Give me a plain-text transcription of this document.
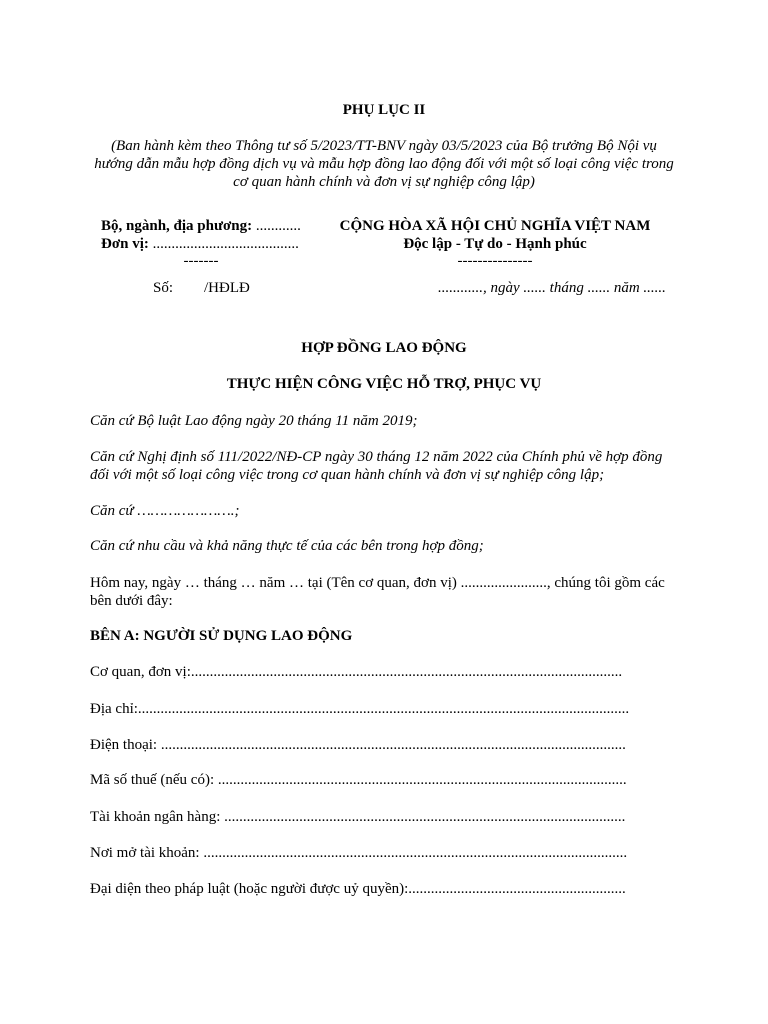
PHỤ LỤC II
(Ban hành kèm theo Thông tư số 5/2023/TT-BNV ngày 03/5/2023 của Bộ trưởng Bộ Nội vụ
hướng dẫn mẫu hợp đồng dịch vụ và mẫu hợp đồng lao động đối với một số loại công việc trong
cơ quan hành chính và đơn vị sự nghiệp công lập)
Bộ, ngành, địa phương: ............
Đơn vị: .......................................
-------
Số: /HĐLĐ
CỘNG HÒA XÃ HỘI CHỦ NGHĨA VIỆT NAM
Độc lập - Tự do - Hạnh phúc
---------------
............, ngày ...... tháng ...... năm ......
HỢP ĐỒNG LAO ĐỘNG
THỰC HIỆN CÔNG VIỆC HỖ TRỢ, PHỤC VỤ
Căn cứ Bộ luật Lao động ngày 20 tháng 11 năm 2019;
Căn cứ Nghị định số 111/2022/NĐ-CP ngày 30 tháng 12 năm 2022 của Chính phủ về hợp đồng
đối với một số loại công việc trong cơ quan hành chính và đơn vị sự nghiệp công lập;
Căn cứ ………………….;
Căn cứ nhu cầu và khả năng thực tế của các bên trong hợp đồng;
Hôm nay, ngày … tháng … năm … tại (Tên cơ quan, đơn vị) ......................., chúng tôi gồm các
bên dưới đây:
BÊN A: NGƯỜI SỬ DỤNG LAO ĐỘNG
Cơ quan, đơn vị:...................................................................................................................
Địa chỉ:...................................................................................................................................
Điện thoại: ............................................................................................................................
Mã số thuế (nếu có): .............................................................................................................
Tài khoản ngân hàng: ...........................................................................................................
Nơi mở tài khoản: .................................................................................................................
Đại diện theo pháp luật (hoặc người được uỷ quyền):..........................................................
